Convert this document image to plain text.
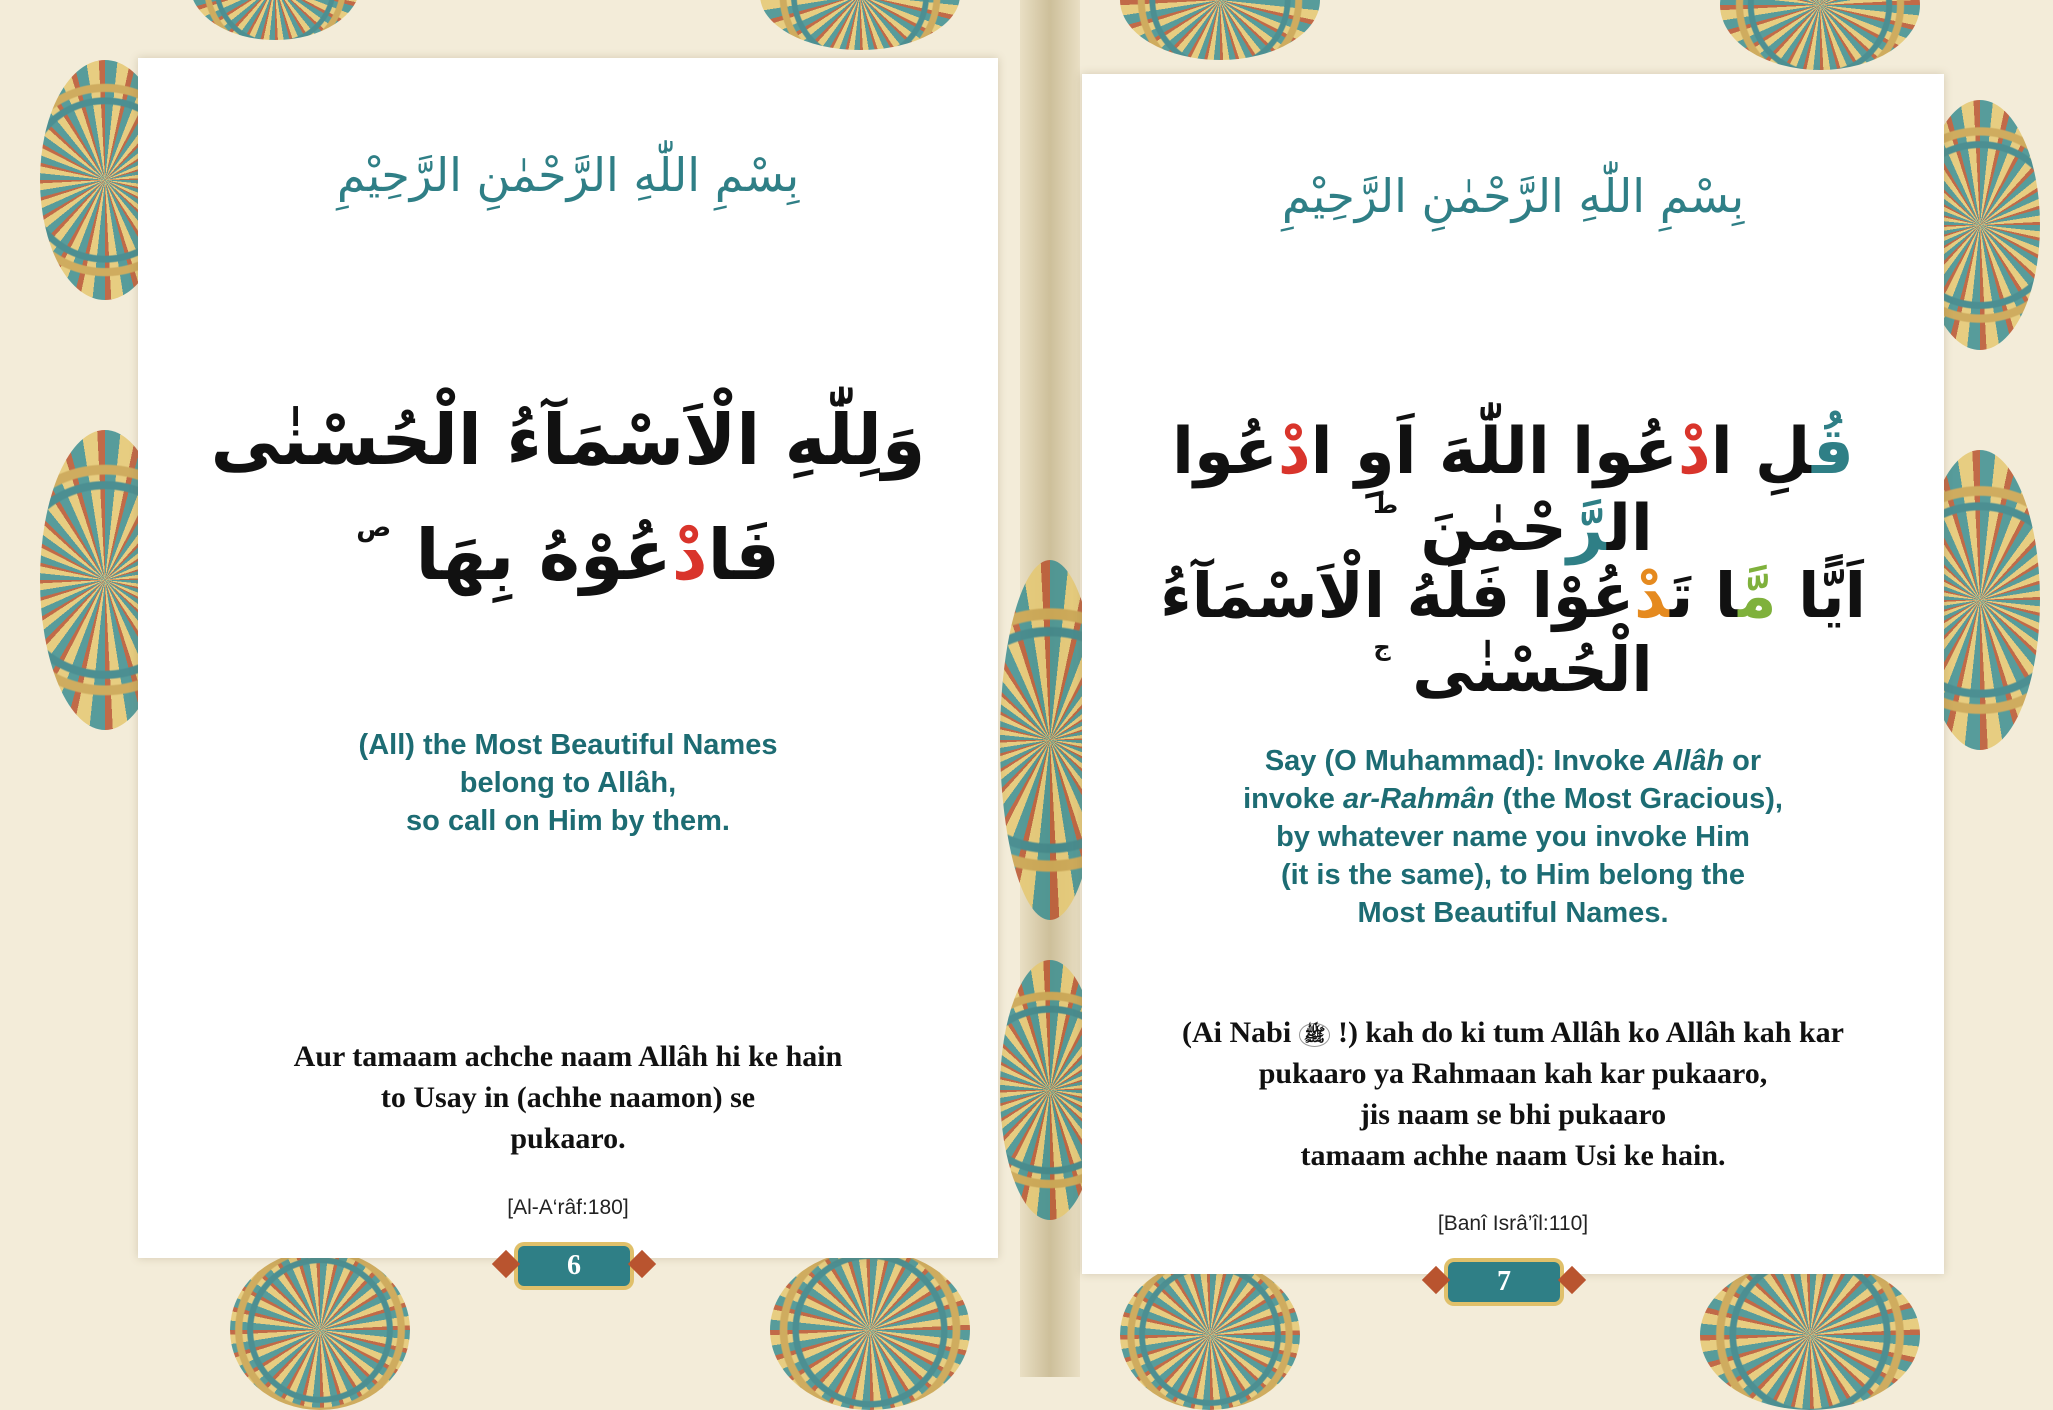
بِسْمِ اللّٰهِ الرَّحْمٰنِ الرَّحِيْمِ
وَلِلّٰهِ الْاَسْمَآءُ الْحُسْنٰى
فَادْعُوْهُ بِهَا $^ص$
(All) the Most Beautiful Names
belong to Allâh,
so call on Him by them.
Aur tamaam achche naam Allâh hi ke hain
to Usay in (achhe naamon) se
pukaaro.
[Al-A‘râf:180]
6
بِسْمِ اللّٰهِ الرَّحْمٰنِ الرَّحِيْمِ
قُلِ ادْعُوا اللّٰهَ اَوِ ادْعُوا الرَّحْمٰنَ $^ط$
اَيًّا مَّا تَدْعُوْا فَلَهُ الْاَسْمَآءُ الْحُسْنٰى $^ج$
Say (O Muhammad): Invoke Allâh or
invoke ar-Rahmân (the Most Gracious),
by whatever name you invoke Him
(it is the same), to Him belong the
Most Beautiful Names.
(Ai Nabi ﷺ !) kah do ki tum Allâh ko Allâh kah kar
pukaaro ya Rahmaan kah kar pukaaro,
jis naam se bhi pukaaro
tamaam achhe naam Usi ke hain.
[Banî Isrâ’îl:110]
7
